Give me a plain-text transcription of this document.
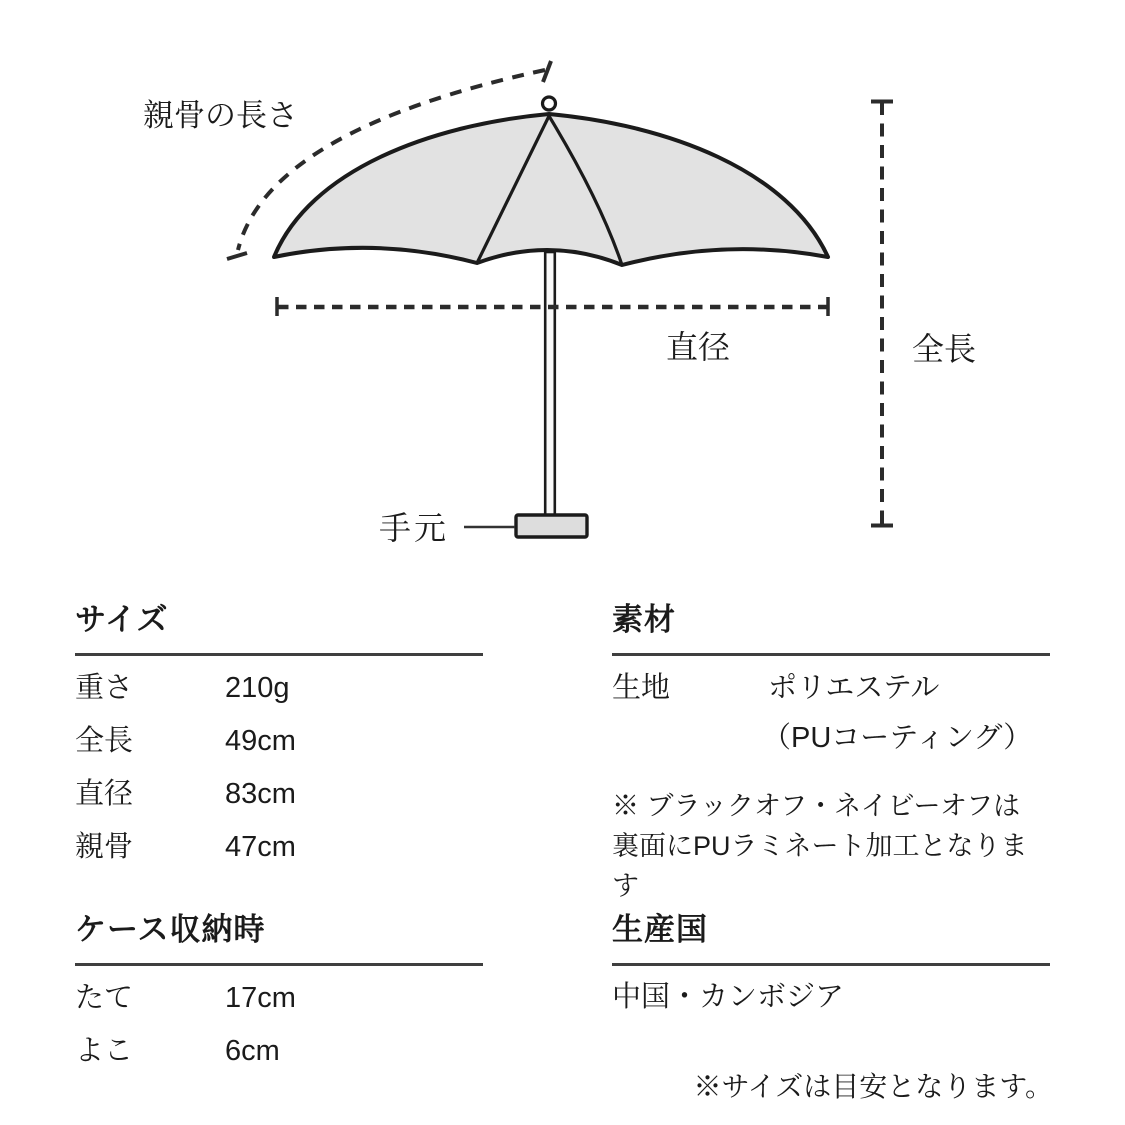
親骨の長さ
直径	全長
手元
サイズ
重さ	210g
全長	49cm
直径	83cm
親骨	47cm
ケース収納時
たて	17cm
よこ	6cm
素材
生地	ポリエステル
（PUコーティング）
※ ブラックオフ・ネイビーオフは
裏面にPUラミネート加工となります
生産国
中国・カンボジア
※サイズは目安となります。
